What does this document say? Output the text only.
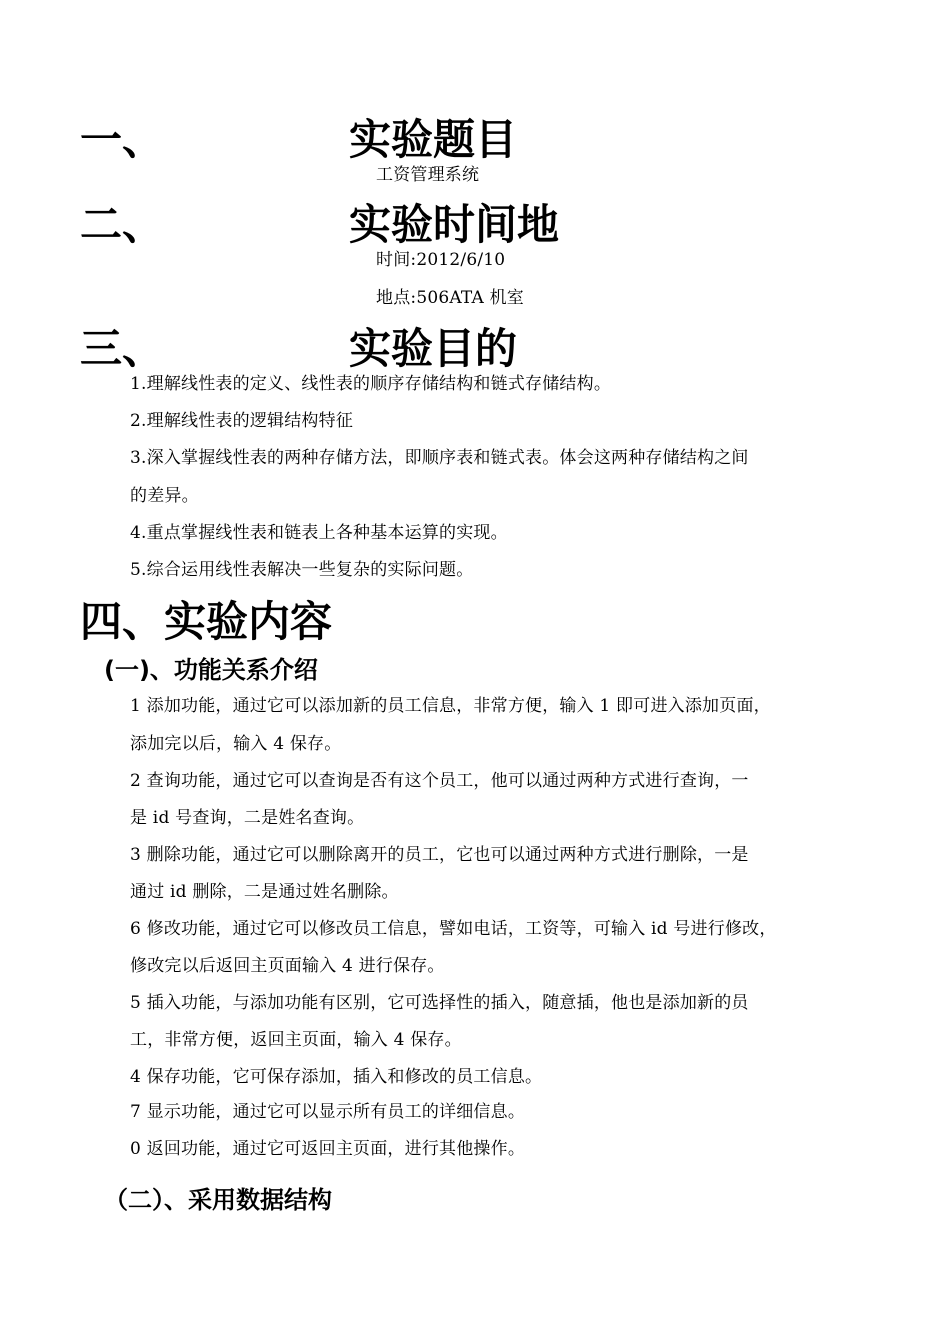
一、	实验题目
工资管理系统
二、	实验时间地
时间:2012/6/10
地点:506ATA 机室
三、	实验目的
1.理解线性表的定义、线性表的顺序存储结构和链式存储结构。
2.理解线性表的逻辑结构特征
3.深入掌握线性表的两种存储方法，即顺序表和链式表。体会这两种存储结构之间
的差异。
4.重点掌握线性表和链表上各种基本运算的实现。
5.综合运用线性表解决一些复杂的实际问题。
四、实验内容
(一)、功能关系介绍
1 添加功能，通过它可以添加新的员工信息，非常方便，输入 1 即可进入添加页面，
添加完以后，输入 4 保存。
2 查询功能，通过它可以查询是否有这个员工，他可以通过两种方式进行查询，一
是 id 号查询，二是姓名查询。
3 删除功能，通过它可以删除离开的员工，它也可以通过两种方式进行删除，一是
通过 id 删除，二是通过姓名删除。
6 修改功能，通过它可以修改员工信息，譬如电话，工资等，可输入 id 号进行修改，
修改完以后返回主页面输入 4 进行保存。
5 插入功能，与添加功能有区别，它可选择性的插入，随意插，他也是添加新的员
工，非常方便，返回主页面，输入 4 保存。
4 保存功能，它可保存添加，插入和修改的员工信息。
7 显示功能，通过它可以显示所有员工的详细信息。
0 返回功能，通过它可返回主页面，进行其他操作。
（二）、采用数据结构
